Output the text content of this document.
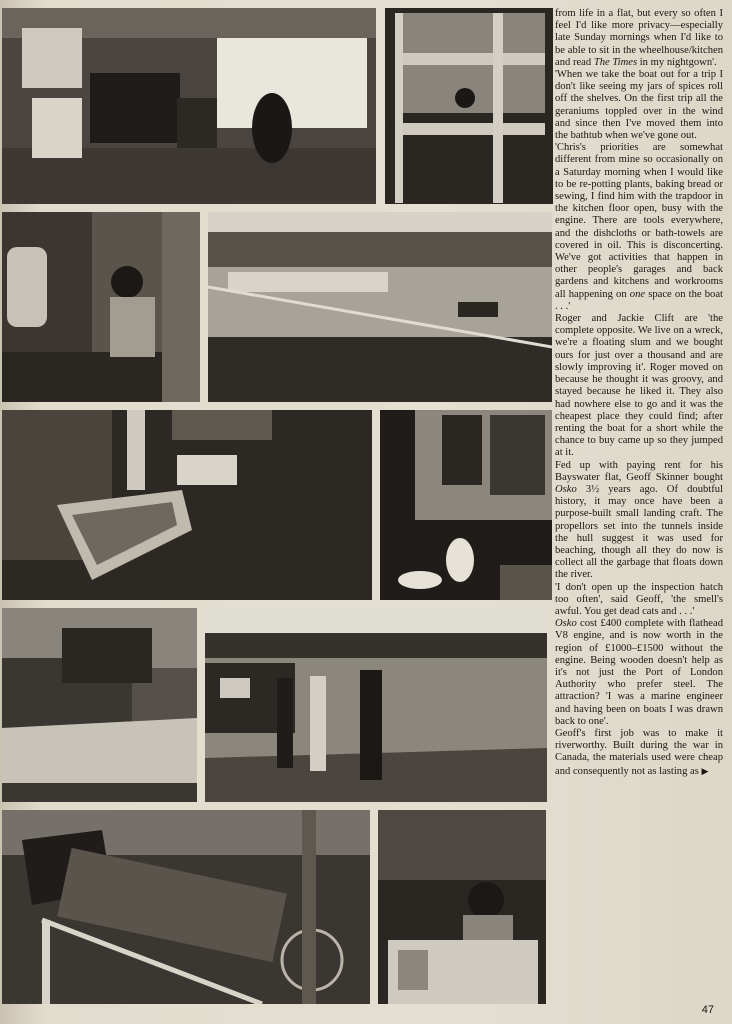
from life in a flat, but every so often I feel I'd like more privacy—especially late Sunday mornings when I'd like to be able to sit in the wheelhouse/kitchen and read The Times in my nightgown'.

'When we take the boat out for a trip I don't like seeing my jars of spices roll off the shelves. On the first trip all the geraniums toppled over in the wind and since then I've moved them into the bathtub when we've gone out.

'Chris's priorities are somewhat different from mine so occasionally on a Saturday morning when I would like to be re-potting plants, baking bread or sewing, I find him with the trapdoor in the kitchen floor open, busy with the engine. There are tools everywhere, and the dishcloths or bath-towels are covered in oil. This is disconcerting. We've got activities that happen in other people's garages and back gardens and kitchens and workrooms all happening on one space on the boat . . .'

Roger and Jackie Clift are 'the complete opposite. We live on a wreck, we're a floating slum and we bought ours for just over a thousand and are slowly improving it'. Roger moved on because he thought it was groovy, and stayed because he liked it. They also had nowhere else to go and it was the cheapest place they could find; after renting the boat for a short while the chance to buy came up so they jumped at it.

Fed up with paying rent for his Bayswater flat, Geoff Skinner bought Osko 3½ years ago. Of doubtful history, it may once have been a purpose-built small landing craft. The propellors set into the tunnels inside the hull suggest it was used for beaching, though all they do now is collect all the garbage that floats down the river.

'I don't open up the inspection hatch too often', said Geoff, 'the smell's awful. You get dead cats and . . .'

Osko cost £400 complete with flathead V8 engine, and is now worth in the region of £1000–£1500 without the engine. Being wooden doesn't help as it's not just the Port of London Authority who prefer steel. The attraction? 'I was a marine engineer and having been on boats I was drawn back to one'.

Geoff's first job was to make it riverworthy. Built during the war in Canada, the materials used were cheap and consequently not as lasting as ▶

47
